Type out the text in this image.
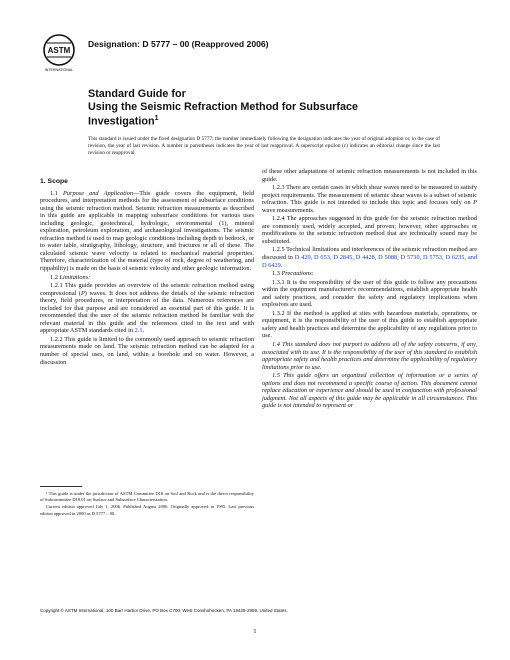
ASTM
INTERNATIONAL
Designation: D 5777 – 00 (Reapproved 2006)
Standard Guide for
Using the Seismic Refraction Method for Subsurface
Investigation$^1$
This standard is issued under the fixed designation D 5777; the number immediately following the designation indicates the year of original adoption or, in the case of revision, the year of last revision. A number in parentheses indicates the year of last reapproval. A superscript epsilon (ε) indicates an editorial change since the last revision or reapproval.
1. Scope

1.1 Purpose and Application—This guide covers the equipment, field procedures, and interpretation methods for the assessment of subsurface conditions using the seismic refraction method. Seismic refraction measurements as described in this guide are applicable in mapping subsurface conditions for various uses including geologic, geotechnical, hydrologic, environmental (1), mineral exploration, petroleum exploration, and archaeological investigations. The seismic refraction method is used to map geologic conditions including depth to bedrock, or to water table, stratigraphy, lithology, structure, and fractures or all of these. The calculated seismic wave velocity is related to mechanical material properties. Therefore, characterization of the material (type of rock, degree of weathering, and rippability) is made on the basis of seismic velocity and other geologic information.

1.2 Limitations:

1.2.1 This guide provides an overview of the seismic refraction method using compressional (P) waves. It does not address the details of the seismic refraction theory, field procedures, or interpretation of the data. Numerous references are included for that purpose and are considered an essential part of this guide. It is recommended that the user of the seismic refraction method be familiar with the relevant material in this guide and the references cited in the text and with appropriate ASTM standards cited in 2.1.

1.2.2 This guide is limited to the commonly used approach to seismic refraction measurements made on land. The seismic refraction method can be adapted for a number of special uses, on land, within a borehole and on water. However, a discussion

of these other adaptations of seismic refraction measurements is not included in this guide.

1.2.3 There are certain cases in which shear waves need to be measured to satisfy project requirements. The measurement of seismic shear waves is a subset of seismic refraction. This guide is not intended to include this topic and focuses only on P wave measurements.

1.2.4 The approaches suggested in this guide for the seismic refraction method are commonly used, widely accepted, and proven; however, other approaches or modifications to the seismic refraction method that are technically sound may be substituted.

1.2.5 Technical limitations and interferences of the seismic refraction method are discussed in D 420, D 653, D 2845, D 4428, D 5088, D 5730, D 5753, D 6235, and D 6429.

1.3 Precautions:

1.3.1 It is the responsibility of the user of this guide to follow any precautions within the equipment manufacturer's recommendations, establish appropriate health and safety practices, and consider the safety and regulatory implications when explosives are used.

1.3.2 If the method is applied at sites with hazardous materials, operations, or equipment, it is the responsibility of the user of this guide to establish appropriate safety and health practices and determine the applicability of any regulations prior to use.

1.4 This standard does not purport to address all of the safety concerns, if any, associated with its use. It is the responsibility of the user of this standard to establish appropriate safety and health practices and determine the applicability of regulatory limitations prior to use.

1.5 This guide offers an organized collection of information or a series of options and does not recommend a specific course of action. This document cannot replace education or experience and should be used in conjunction with professional judgment. Not all aspects of this guide may be applicable in all circumstances. This guide is not intended to represent or

¹ This guide is under the jurisdiction of ASTM Committee D18 on Soil and Rock and is the direct responsibility of Subcommittee D18.01 on Surface and Subsurface Characterization.

Current edition approved July 1, 2006. Published August 2006. Originally approved in 1995. Last previous edition approved in 2000 as D 5777 – 00.

Copyright © ASTM International, 100 Barr Harbor Drive, PO Box C700, West Conshohocken, PA 19428-2959, United States.
1
